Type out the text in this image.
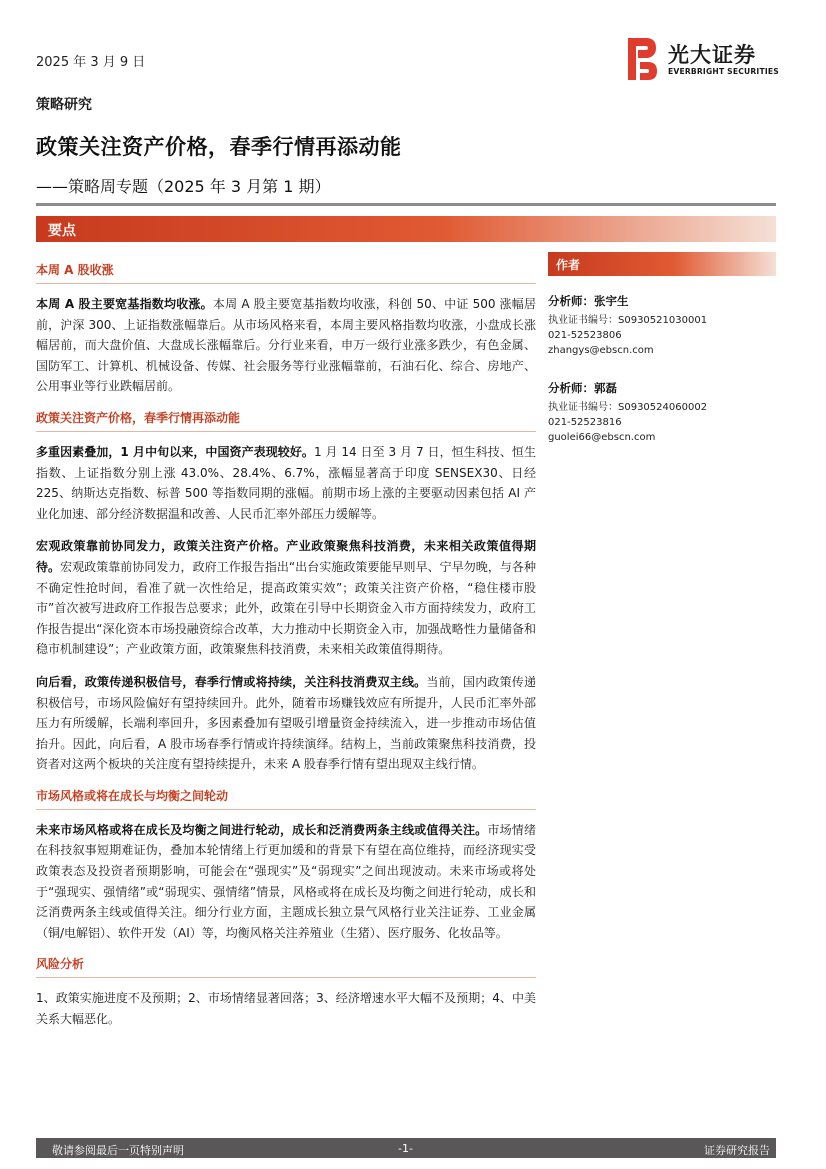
2025 年 3 月 9 日
策略研究
政策关注资产价格，春季行情再添动能
——策略周专题（2025 年 3 月第 1 期）
光大证券
EVERBRIGHT SECURITIES
要点
本周 A 股收涨

本周 A 股主要宽基指数均收涨。本周 A 股主要宽基指数均收涨，科创 50、中证 500 涨幅居前，沪深 300、上证指数涨幅靠后。从市场风格来看，本周主要风格指数均收涨，小盘成长涨幅居前，而大盘价值、大盘成长涨幅靠后。分行业来看，申万一级行业涨多跌少，有色金属、国防军工、计算机、机械设备、传媒、社会服务等行业涨幅靠前，石油石化、综合、房地产、公用事业等行业跌幅居前。

政策关注资产价格，春季行情再添动能

多重因素叠加，1 月中旬以来，中国资产表现较好。1 月 14 日至 3 月 7 日，恒生科技、恒生指数、上证指数分别上涨 43.0%、28.4%、6.7%，涨幅显著高于印度 SENSEX30、日经 225、纳斯达克指数、标普 500 等指数同期的涨幅。前期市场上涨的主要驱动因素包括 AI 产业化加速、部分经济数据温和改善、人民币汇率外部压力缓解等。

宏观政策靠前协同发力，政策关注资产价格。产业政策聚焦科技消费，未来相关政策值得期待。宏观政策靠前协同发力，政府工作报告指出“出台实施政策要能早则早、宁早勿晚，与各种不确定性抢时间，看准了就一次性给足，提高政策实效”；政策关注资产价格，“稳住楼市股市”首次被写进政府工作报告总要求；此外，政策在引导中长期资金入市方面持续发力，政府工作报告提出“深化资本市场投融资综合改革，大力推动中长期资金入市，加强战略性力量储备和稳市机制建设”；产业政策方面，政策聚焦科技消费，未来相关政策值得期待。

向后看，政策传递积极信号，春季行情或将持续，关注科技消费双主线。当前，国内政策传递积极信号，市场风险偏好有望持续回升。此外，随着市场赚钱效应有所提升，人民币汇率外部压力有所缓解，长端利率回升，多因素叠加有望吸引增量资金持续流入，进一步推动市场估值抬升。因此，向后看，A 股市场春季行情或许持续演绎。结构上，当前政策聚焦科技消费，投资者对这两个板块的关注度有望持续提升，未来 A 股春季行情有望出现双主线行情。

市场风格或将在成长与均衡之间轮动

未来市场风格或将在成长及均衡之间进行轮动，成长和泛消费两条主线或值得关注。市场情绪在科技叙事短期难证伪，叠加本轮情绪上行更加缓和的背景下有望在高位维持，而经济现实受政策表态及投资者预期影响，可能会在“强现实”及“弱现实”之间出现波动。未来市场或将处于“强现实、强情绪”或“弱现实、强情绪”情景，风格或将在成长及均衡之间进行轮动，成长和泛消费两条主线或值得关注。细分行业方面，主题成长独立景气风格行业关注证券、工业金属（铜/电解铝）、软件开发（AI）等，均衡风格关注养殖业（生猪）、医疗服务、化妆品等。

风险分析

1、政策实施进度不及预期；2、市场情绪显著回落；3、经济增速水平大幅不及预期；4、中美关系大幅恶化。

作者
分析师：张宇生
执业证书编号：S0930521030001
021-52523806
zhangys@ebscn.com
分析师：郭磊
执业证书编号：S0930524060002
021-52523816
guolei66@ebscn.com
敬请参阅最后一页特别声明	-1-	证券研究报告
